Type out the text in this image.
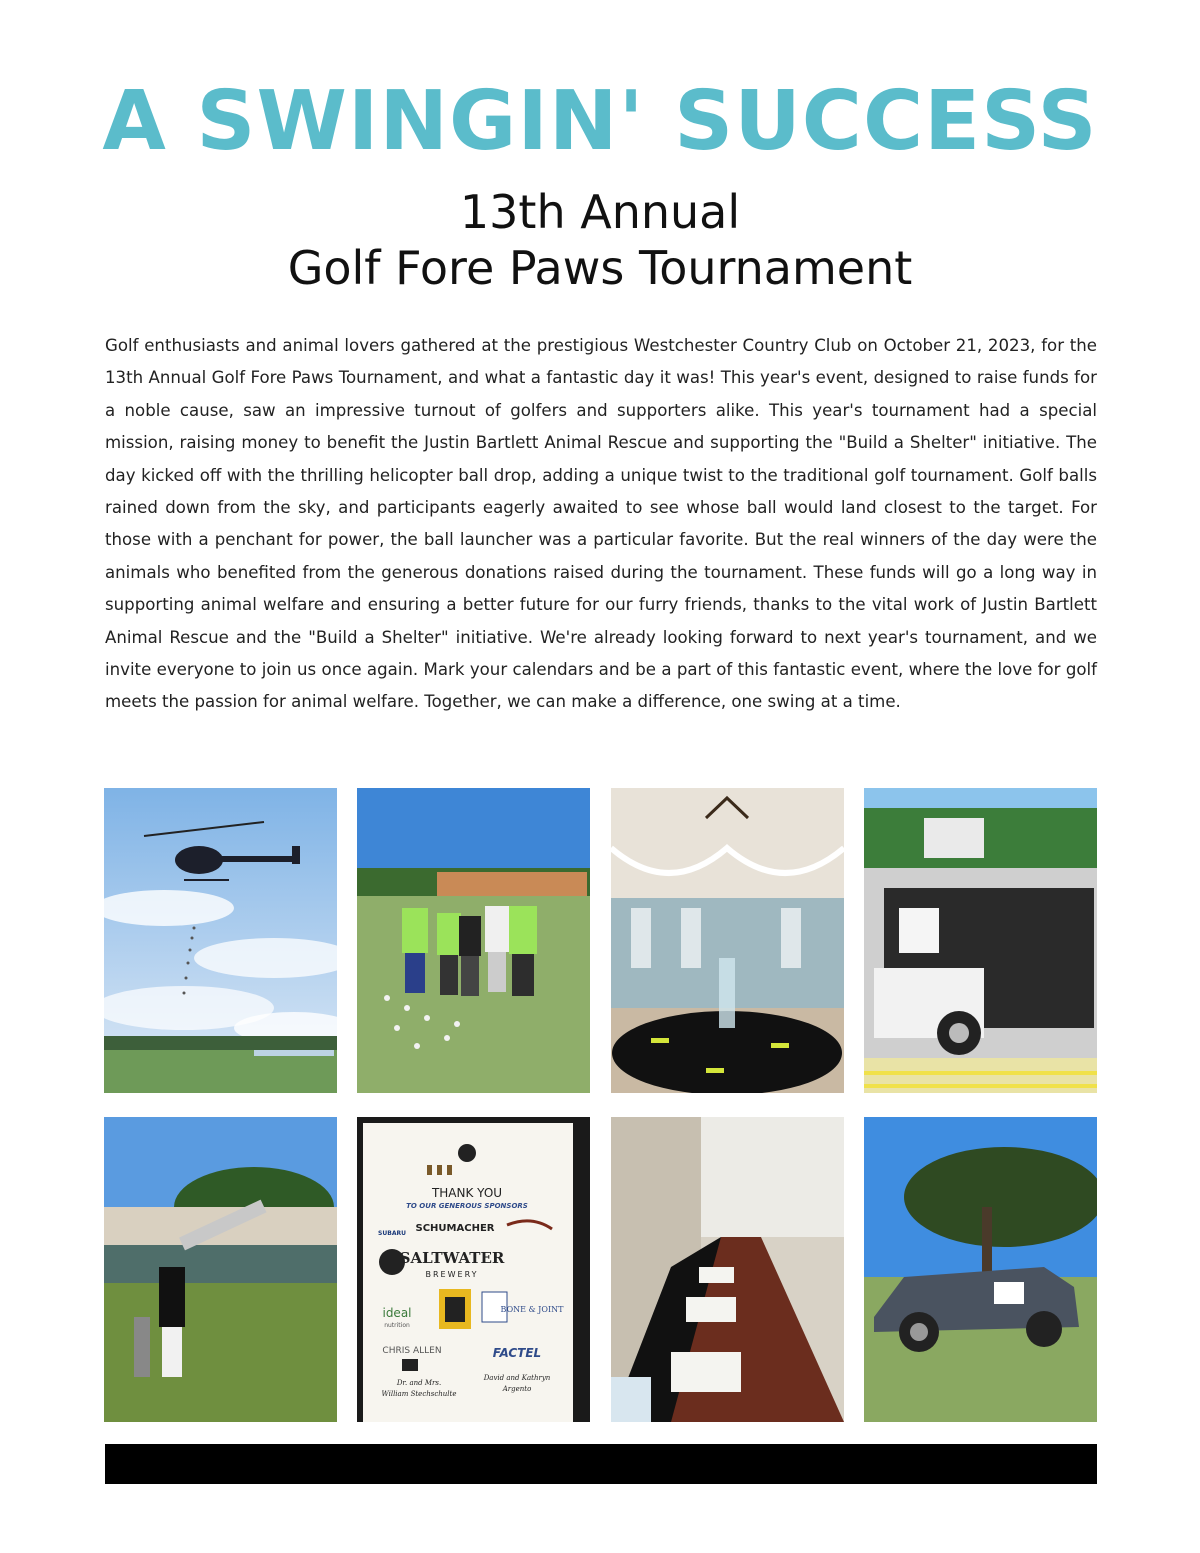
A SWINGIN' SUCCESS
13th Annual
Golf Fore Paws Tournament

Golf enthusiasts and animal lovers gathered at the prestigious Westchester Country Club on October 21, 2023, for the 13th Annual Golf Fore Paws Tournament, and what a fantastic day it was! This year's event, designed to raise funds for a noble cause, saw an impressive turnout of golfers and supporters alike. This year's tournament had a special mission, raising money to benefit the Justin Bartlett Animal Rescue and supporting the "Build a Shelter" initiative. The day kicked off with the thrilling helicopter ball drop, adding a unique twist to the traditional golf tournament. Golf balls rained down from the sky, and participants eagerly awaited to see whose ball would land closest to the target. For those with a penchant for power, the ball launcher was a particular favorite. But the real winners of the day were the animals who benefited from the generous donations raised during the tournament. These funds will go a long way in supporting animal welfare and ensuring a better future for our furry friends, thanks to the vital work of Justin Bartlett Animal Rescue and the "Build a Shelter" initiative. We're already looking forward to next year's tournament, and we invite everyone to join us once again. Mark your calendars and be a part of this fantastic event, where the love for golf meets the passion for animal welfare. Together, we can make a difference, one swing at a time.

THANK YOU
TO OUR GENEROUS SPONSORS
SUBARU SCHUMACHER
SALTWATER
BREWERY
ideal
nutrition
BONE & JOINT
CHRIS ALLEN	FACTEL
Dr. and Mrs.
William Stechschulte
David and Kathryn
Argento
